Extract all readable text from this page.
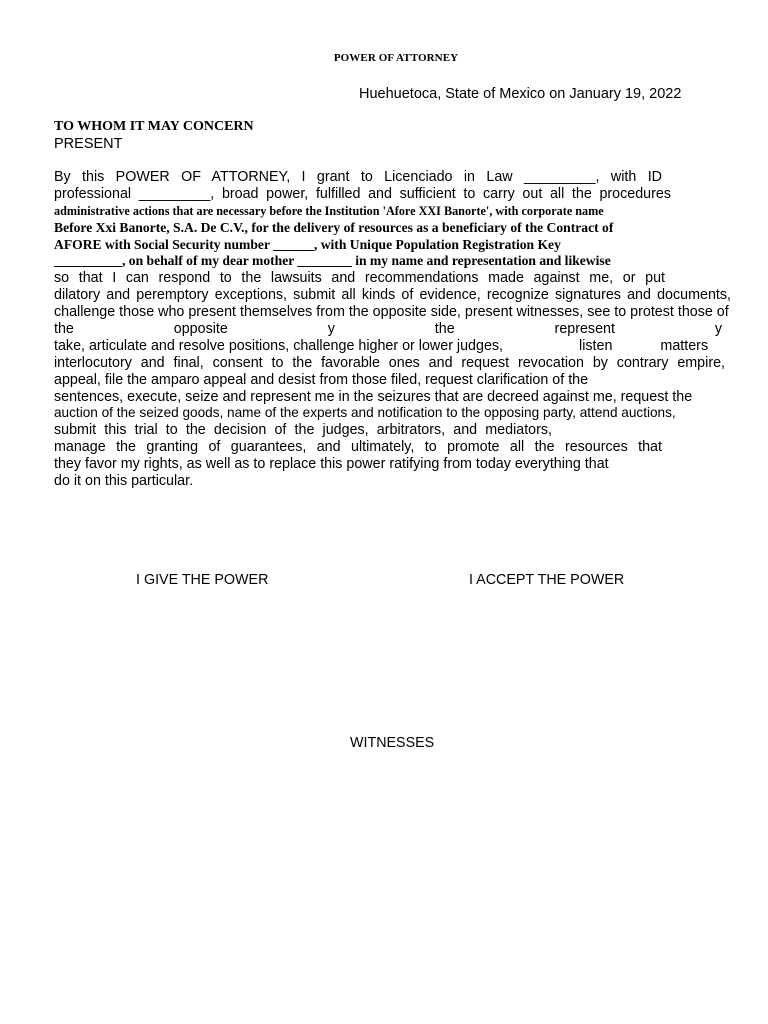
POWER OF ATTORNEY
Huehuetoca, State of Mexico on January 19, 2022
TO WHOM IT MAY CONCERN
PRESENT
By this POWER OF ATTORNEY, I grant to Licenciado in Law _________, with ID
professional _________, broad power, fulfilled and sufficient to carry out all the procedures
administrative actions that are necessary before the Institution 'Afore XXI Banorte', with corporate name
Before Xxi Banorte, S.A. De C.V., for the delivery of resources as a beneficiary of the Contract of
AFORE with Social Security number ______, with Unique Population Registration Key
__________, on behalf of my dear mother ________ in my name and representation and likewise
so that I can respond to the lawsuits and recommendations made against me, or put
dilatory and peremptory exceptions, submit all kinds of evidence, recognize signatures and documents,
challenge those who present themselves from the opposite side, present witnesses, see to protest those of
the opposite y the represent y
take, articulate and resolve positions, challenge higher or lower judges,	listen	matters
interlocutory and final, consent to the favorable ones and request revocation by contrary empire,
appeal, file the amparo appeal and desist from those filed, request clarification of the
sentences, execute, seize and represent me in the seizures that are decreed against me, request the
auction of the seized goods, name of the experts and notification to the opposing party, attend auctions,
submit this trial to the decision of the judges, arbitrators, and mediators,
manage the granting of guarantees, and ultimately, to promote all the resources that
they favor my rights, as well as to replace this power ratifying from today everything that
do it on this particular.
I GIVE THE POWER	I ACCEPT THE POWER
WITNESSES
